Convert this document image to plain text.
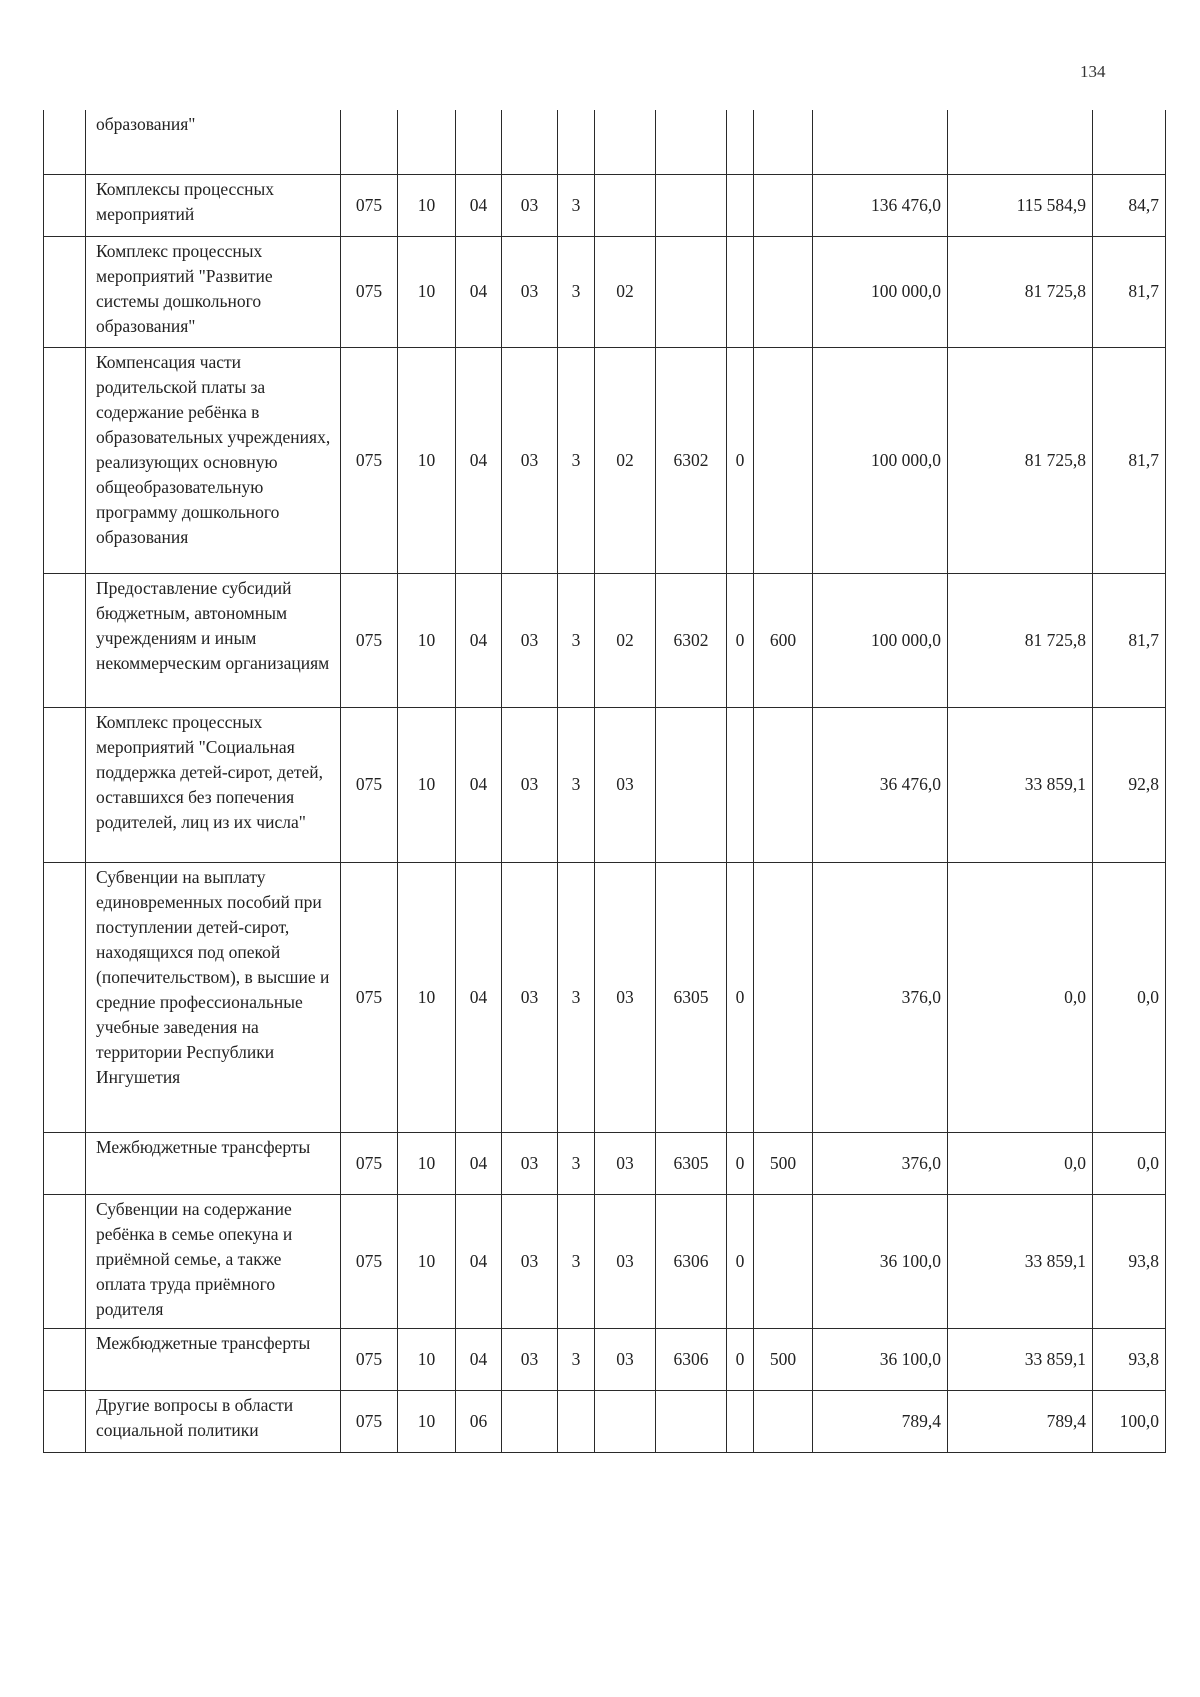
134
	образования"												
	Комплексы процессных мероприятий	075	10	04	03	3					136 476,0	115 584,9	84,7
	Комплекс процессных мероприятий "Развитие системы дошкольного образования"	075	10	04	03	3	02				100 000,0	81 725,8	81,7
	Компенсация части родительской платы за содержание ребёнка в образовательных учреждениях, реализующих основную общеобразовательную программу дошкольного образования	075	10	04	03	3	02	6302	0		100 000,0	81 725,8	81,7
	Предоставление субсидий бюджетным, автономным учреждениям и иным некоммерческим организациям	075	10	04	03	3	02	6302	0	600	100 000,0	81 725,8	81,7
	Комплекс процессных мероприятий "Социальная поддержка детей-сирот, детей, оставшихся без попечения родителей, лиц из их числа"	075	10	04	03	3	03				36 476,0	33 859,1	92,8
	Субвенции на выплату единовременных пособий при поступлении детей-сирот, находящихся под опекой (попечительством), в высшие и средние профессиональные учебные заведения на территории Республики Ингушетия	075	10	04	03	3	03	6305	0		376,0	0,0	0,0
	Межбюджетные трансферты	075	10	04	03	3	03	6305	0	500	376,0	0,0	0,0
	Субвенции на содержание ребёнка в семье опекуна и приёмной семье, а также оплата труда приёмного родителя	075	10	04	03	3	03	6306	0		36 100,0	33 859,1	93,8
	Межбюджетные трансферты	075	10	04	03	3	03	6306	0	500	36 100,0	33 859,1	93,8
	Другие вопросы в области социальной политики	075	10	06							789,4	789,4	100,0
